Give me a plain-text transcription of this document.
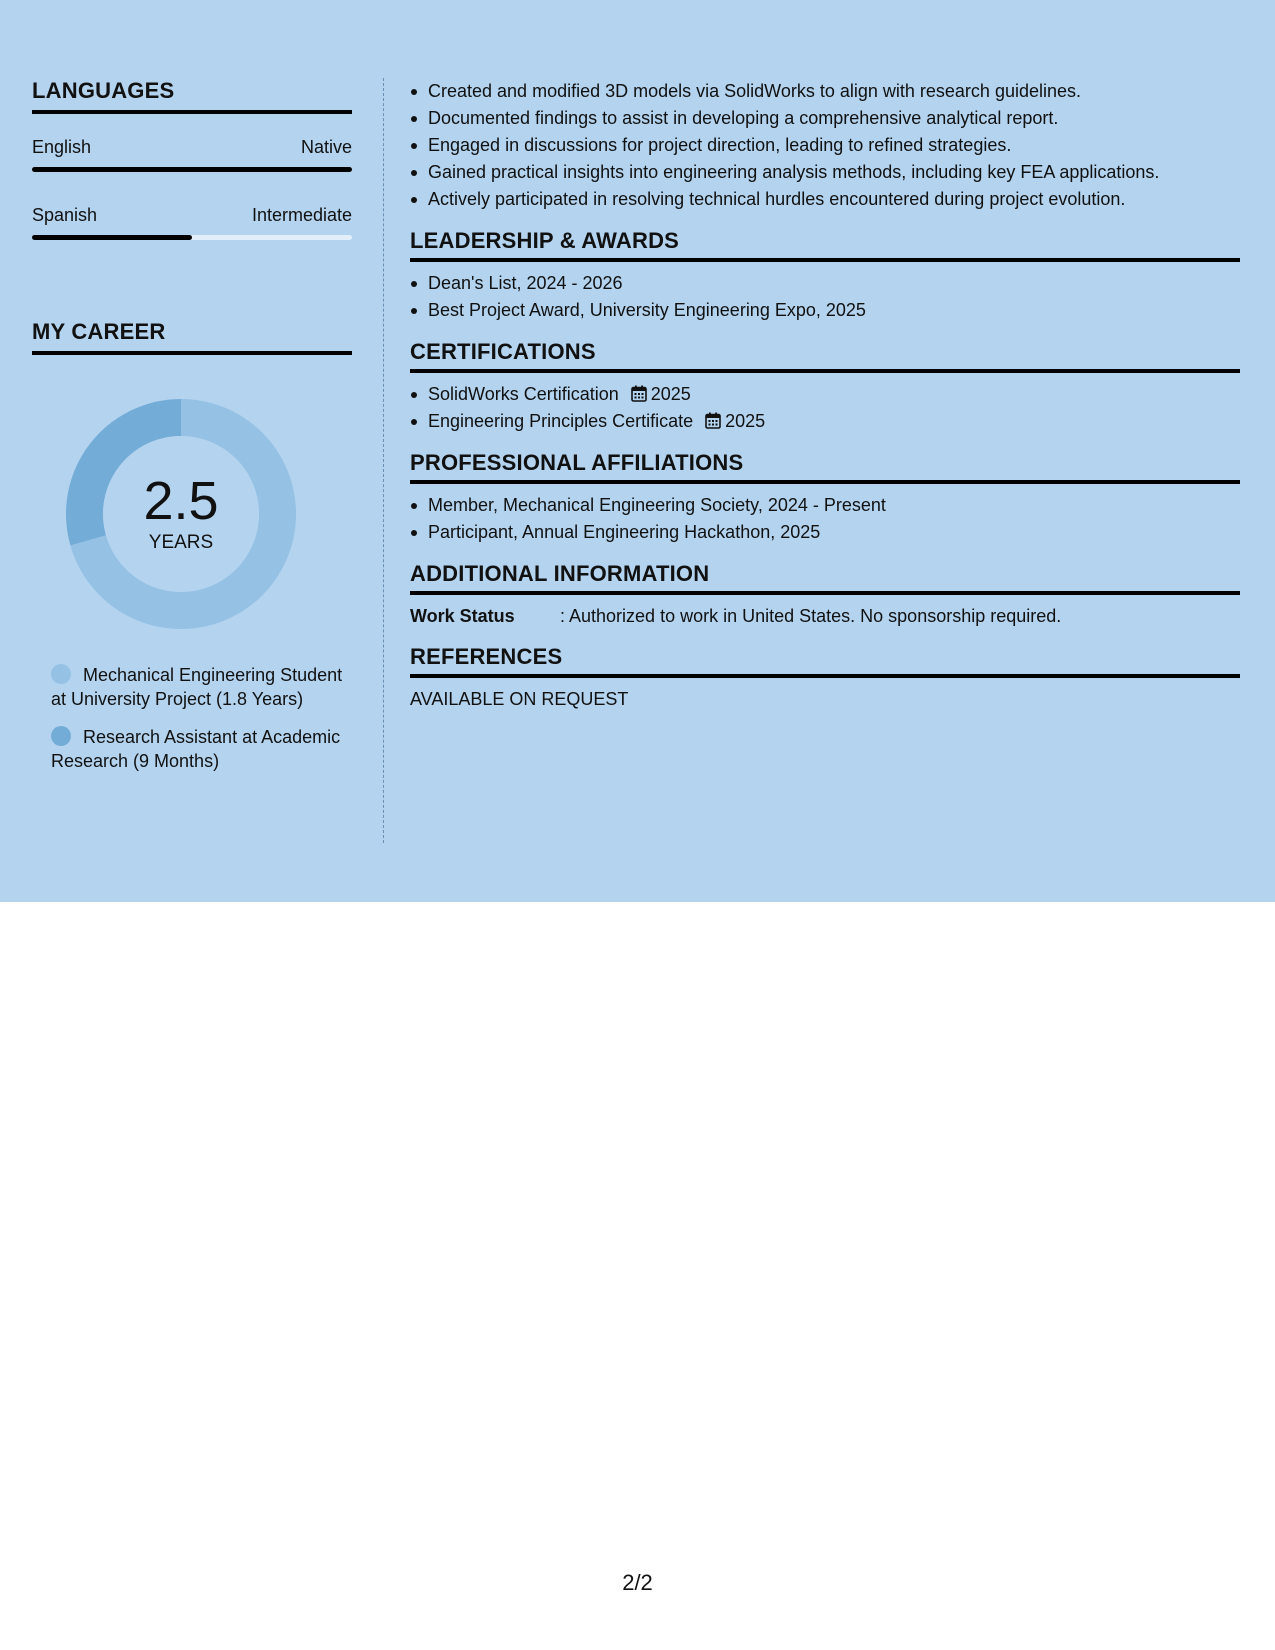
LANGUAGES
English	Native
Spanish	Intermediate
MY CAREER
2.5
YEARS
Mechanical Engineering Student at University Project (1.8 Years)
Research Assistant at Academic Research (9 Months)
Created and modified 3D models via SolidWorks to align with research guidelines.
Documented findings to assist in developing a comprehensive analytical report.
Engaged in discussions for project direction, leading to refined strategies.
Gained practical insights into engineering analysis methods, including key FEA applications.
Actively participated in resolving technical hurdles encountered during project evolution.
LEADERSHIP & AWARDS
Dean's List, 2024 - 2026
Best Project Award, University Engineering Expo, 2025
CERTIFICATIONS
SolidWorks Certification 2025
Engineering Principles Certificate 2025
PROFESSIONAL AFFILIATIONS
Member, Mechanical Engineering Society, 2024 - Present
Participant, Annual Engineering Hackathon, 2025
ADDITIONAL INFORMATION
Work Status	: Authorized to work in United States. No sponsorship required.
REFERENCES
AVAILABLE ON REQUEST
2/2
